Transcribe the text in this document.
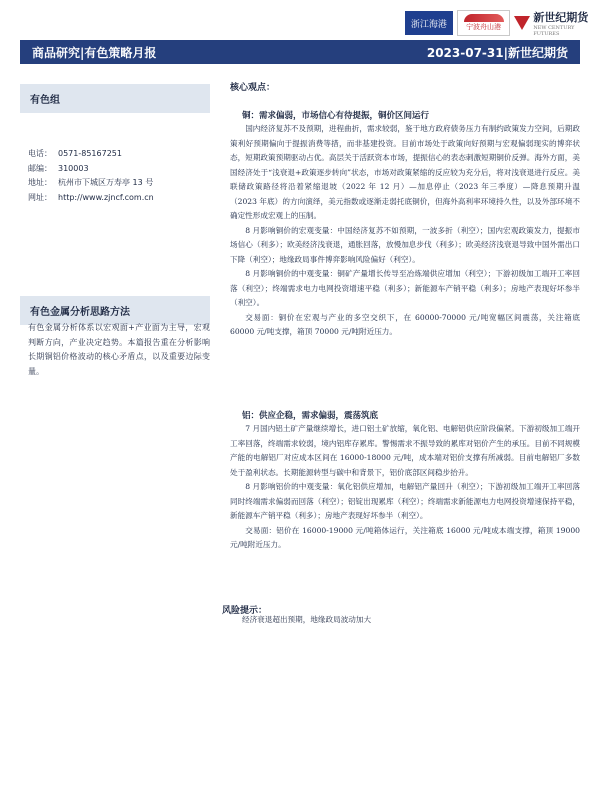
浙江海港	宁波舟山港
新世纪期货
NEW CENTURY FUTURES
商品研究|有色策略月报	2023-07-31|新世纪期货
有色组
电话： 0571-85167251
邮编： 310003
地址： 杭州市下城区万寿亭 13 号
网址： http://www.zjncf.com.cn
有色金属分析思路方法
有色金属分析体系以宏观面+产业面为主导，宏观判断方向，产业决定趋势。本篇报告重在分析影响长期铜铝价格波动的核心矛盾点，以及重要边际变量。
核心观点：
铜：需求偏弱，市场信心有待提振，铜价区间运行

国内经济复苏不及预期，进程曲折，需求较弱，鉴于地方政府债务压力有制约政策发力空间，后期政策利好预期偏向于提振消费等措，而非基建投资。目前市场处于政策向好预期与宏观偏弱现实的博弈状态，短期政策预期驱动占优。高层关于活跃资本市场，提振信心的表态刺激短期铜价反弹。海外方面，美国经济处于“浅衰退+政策逐步转向”状态，市场对政策紧缩的反应较为充分后，将对浅衰退进行反应。美联储政策路径将沿着紧缩退坡（2022 年 12 月）—加息停止（2023 年三季度）—降息预期升温（2023 年底）的方向演绎，美元指数或逐渐走弱托底铜价，但海外高利率环境持久性，以及外部环境不确定性形成宏观上的压制。

8 月影响铜价的宏观变量：中国经济复苏不如预期，一波多折（利空）；国内宏观政策发力，提振市场信心（利多）；欧美经济浅衰退，通胀回落，放慢加息步伐（利多）；欧美经济浅衰退导致中国外需出口下降（利空）；地缘政局事件博弈影响风险偏好（利空）。

8 月影响铜价的中观变量：铜矿产量增长传导至冶炼端供应增加（利空）；下游初级加工端开工率回落（利空）；终端需求电力电网投资增速平稳（利多）；新能源车产销平稳（利多）；房地产表现好坏参半（利空）。

交易面：铜价在宏观与产业的多空交织下，在 60000-70000 元/吨宽幅区间震荡，关注箱底 60000 元/吨支撑，箱顶 70000 元/吨附近压力。

铝：供应企稳，需求偏弱，震荡筑底

7 月国内铝土矿产量继续增长，进口铝土矿放缩，氧化铝、电解铝供应阶段偏紧。下游初级加工端开工率回落，终端需求较弱，境内铝库存累库。警惕需求不振导致的累库对铝价产生的承压。目前不同规模产能的电解铝厂对应成本区间在 16000-18000 元/吨，成本端对铝价支撑有所减弱。目前电解铝厂多数处于盈利状态。长期能源转型与碳中和背景下，铝价底部区间稳步抬升。

8 月影响铝价的中观变量：氧化铝供应增加，电解铝产量回升（利空）；下游初级加工端开工率回落同时终端需求偏弱而回落（利空）；铝锭出现累库（利空）；终端需求新能源电力电网投资增速保持平稳，新能源车产销平稳（利多）；房地产表现好坏参半（利空）。

交易面：铝价在 16000-19000 元/吨箱体运行，关注箱底 16000 元/吨成本端支撑，箱顶 19000 元/吨附近压力。

风险提示：
经济衰退超出预期，地缘政局波动加大
